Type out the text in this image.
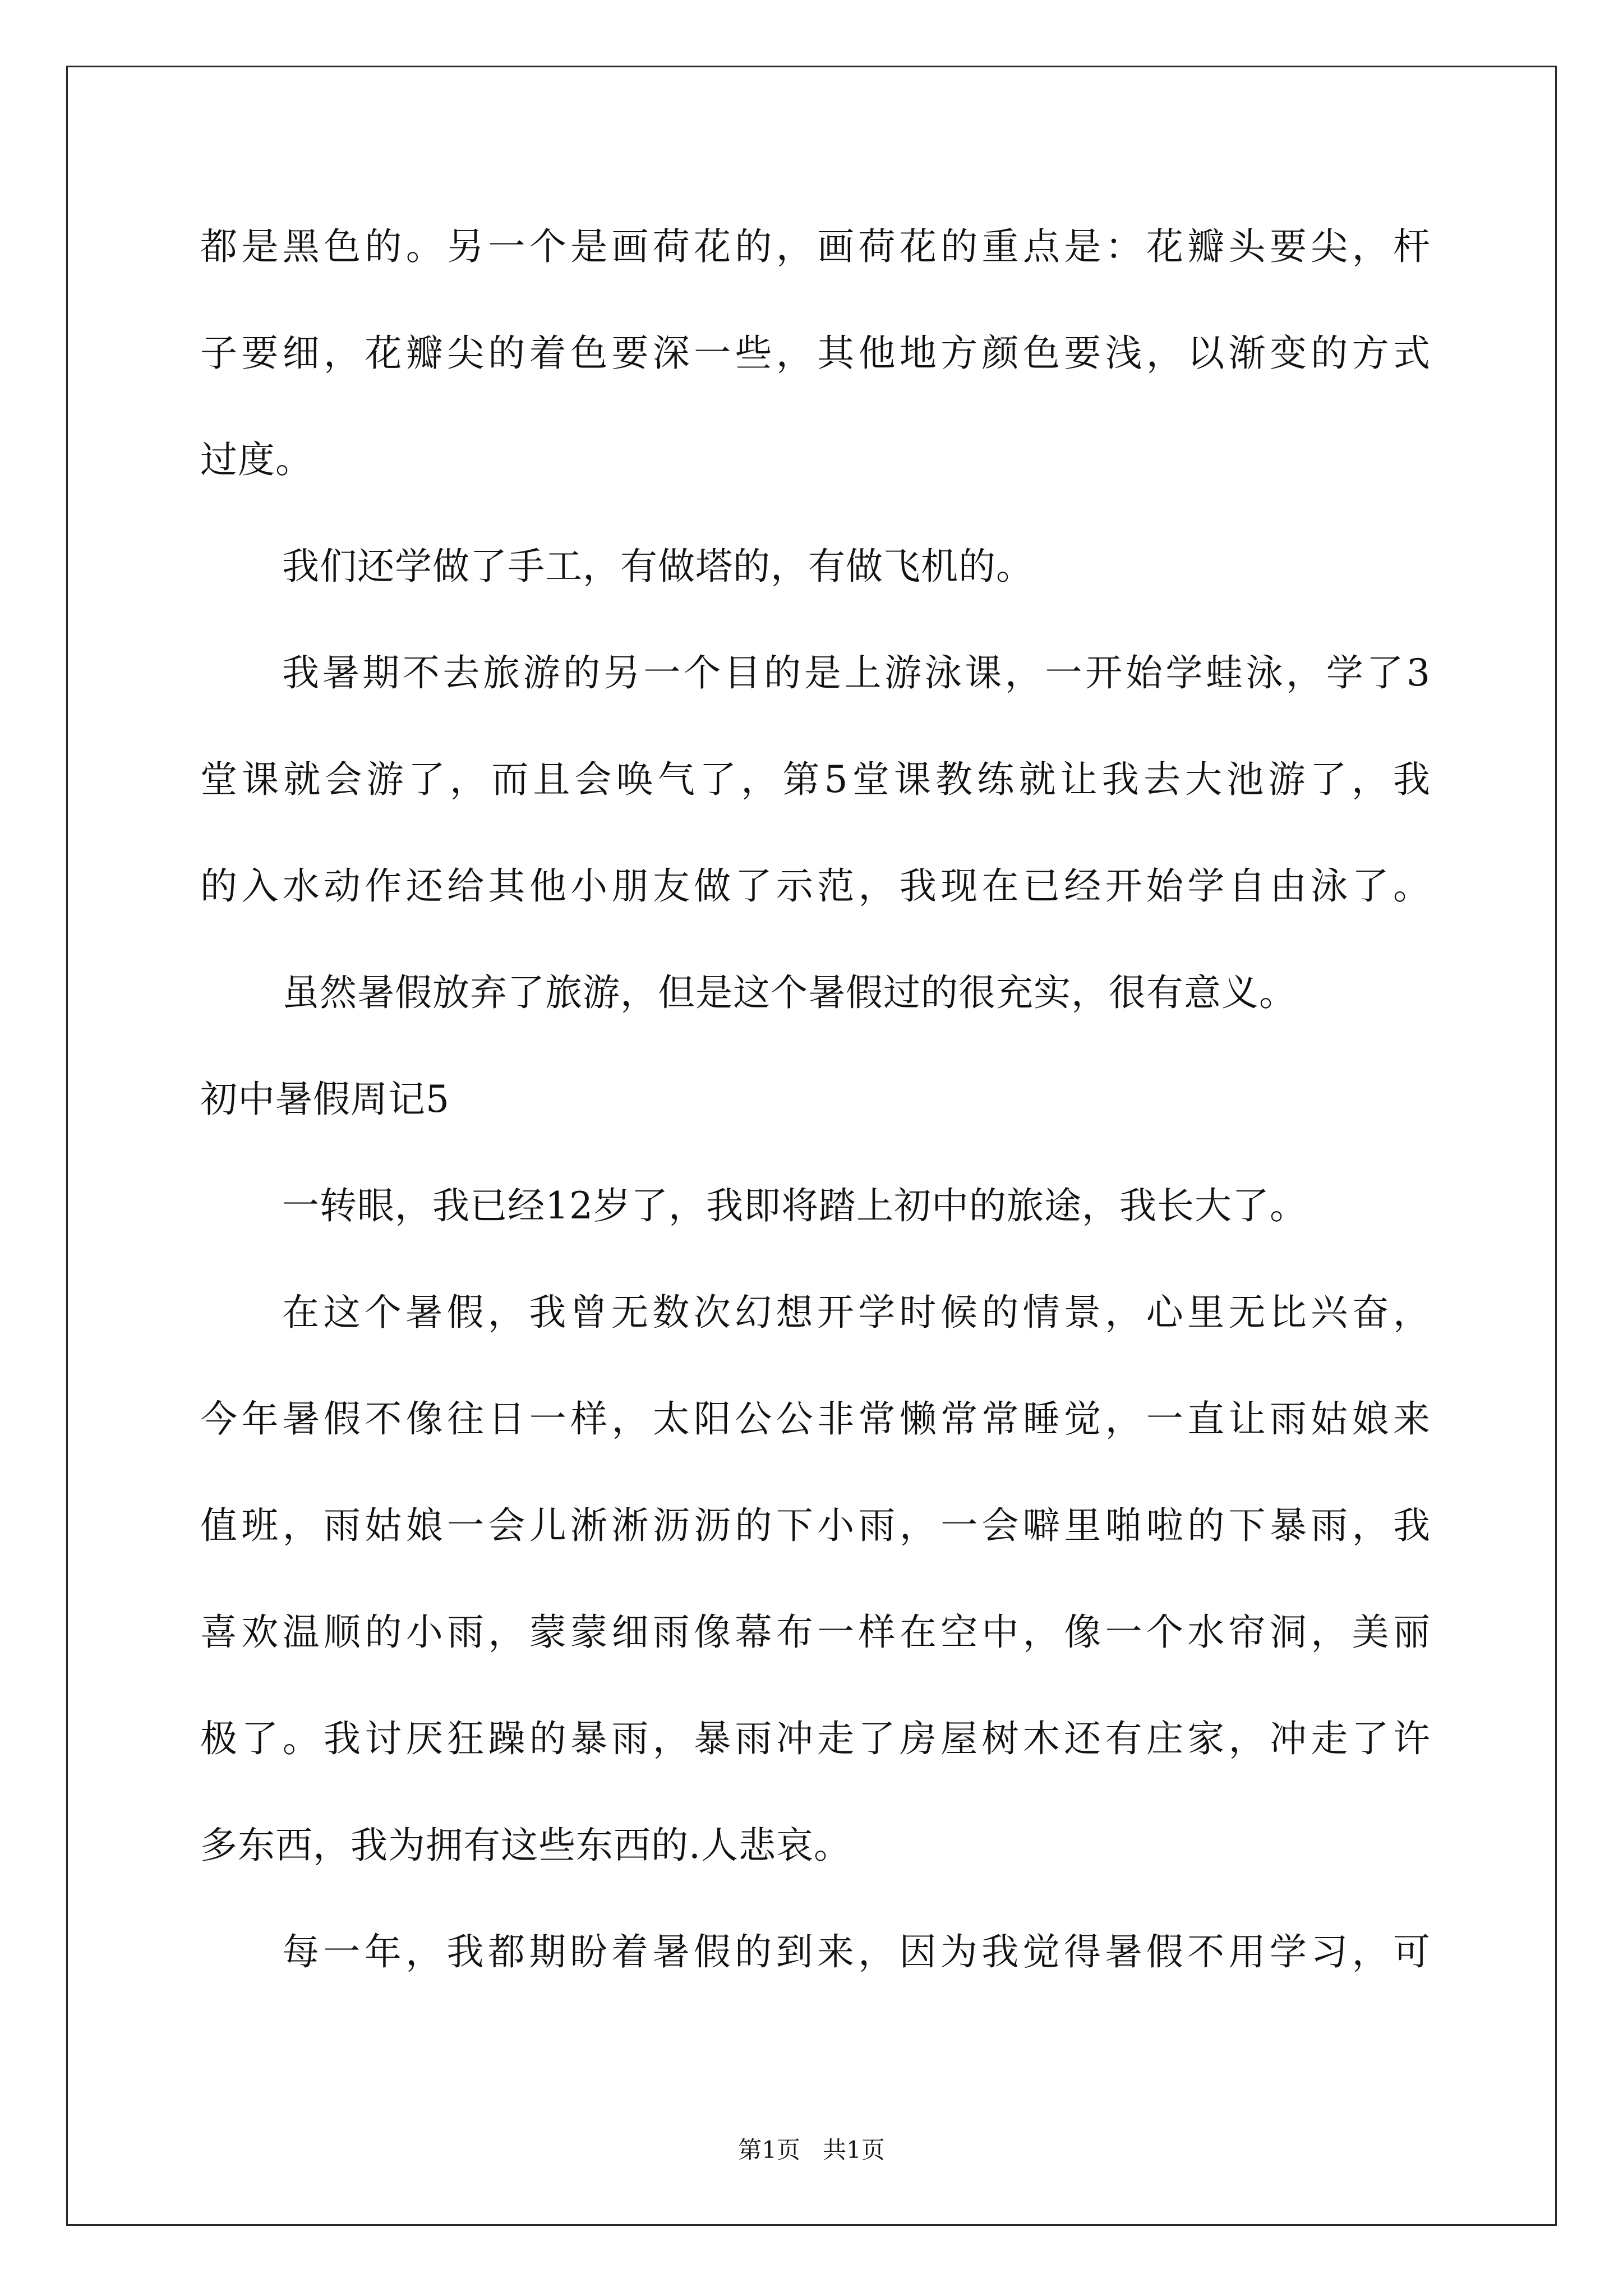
都是黑色的。另一个是画荷花的，画荷花的重点是：花瓣头要尖，杆
子要细，花瓣尖的着色要深一些，其他地方颜色要浅，以渐变的方式
过度。
我们还学做了手工，有做塔的，有做飞机的。
我暑期不去旅游的另一个目的是上游泳课，一开始学蛙泳，学了3
堂课就会游了，而且会唤气了，第5堂课教练就让我去大池游了，我
的入水动作还给其他小朋友做了示范，我现在已经开始学自由泳了。
虽然暑假放弃了旅游，但是这个暑假过的很充实，很有意义。
初中暑假周记5
一转眼，我已经12岁了，我即将踏上初中的旅途，我长大了。
在这个暑假，我曾无数次幻想开学时候的情景，心里无比兴奋，
今年暑假不像往日一样，太阳公公非常懒常常睡觉，一直让雨姑娘来
值班，雨姑娘一会儿淅淅沥沥的下小雨，一会噼里啪啦的下暴雨，我
喜欢温顺的小雨，蒙蒙细雨像幕布一样在空中，像一个水帘洞，美丽
极了。我讨厌狂躁的暴雨，暴雨冲走了房屋树木还有庄家，冲走了许
多东西，我为拥有这些东西的.人悲哀。
每一年，我都期盼着暑假的到来，因为我觉得暑假不用学习，可
第1页   共1页
